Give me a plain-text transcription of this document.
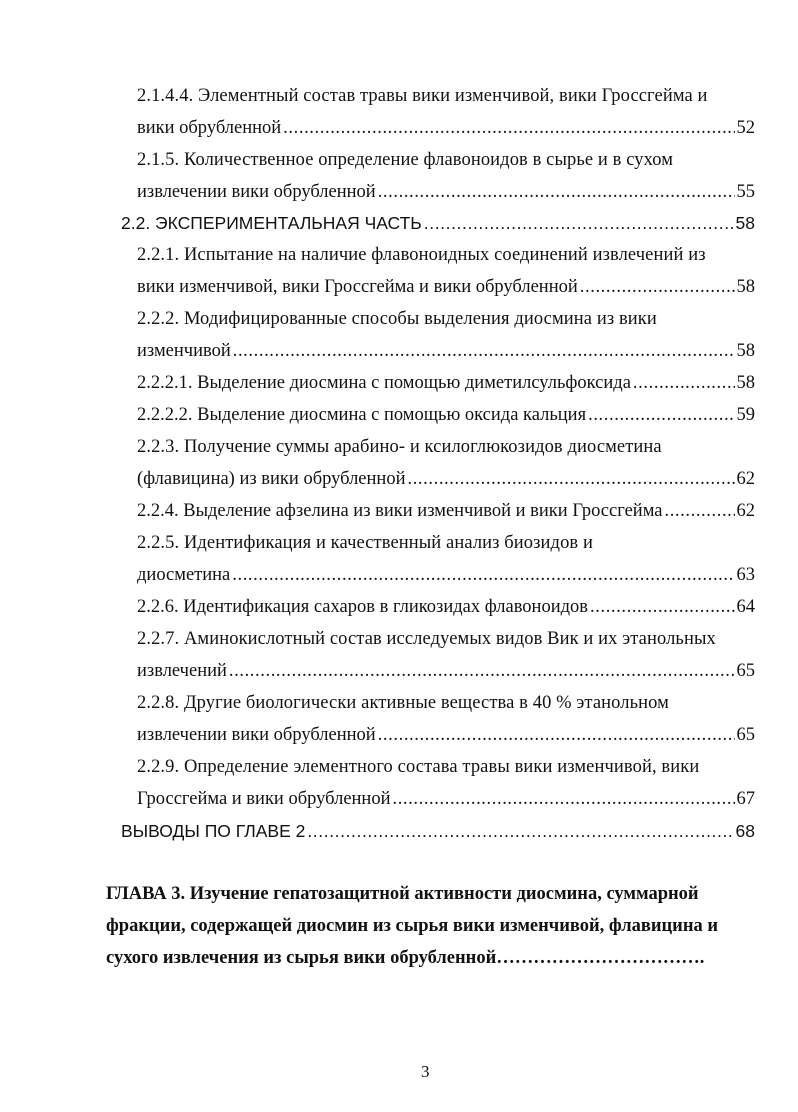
2.1.4.4. Элементный состав травы вики изменчивой, вики Гроссгейма и
вики обрубленной .....	52
2.1.5. Количественное определение флавоноидов в сырье и в сухом
извлечении вики обрубленной .....	55
2.2. ЭКСПЕРИМЕНТАЛЬНАЯ ЧАСТЬ .....	58
2.2.1. Испытание на наличие флавоноидных соединений извлечений из
вики изменчивой, вики Гроссгейма и вики обрубленной .....	58
2.2.2. Модифицированные способы выделения диосмина из вики
изменчивой .....	58
2.2.2.1. Выделение диосмина с помощью диметилсульфоксида .....	58
2.2.2.2. Выделение диосмина с помощью оксида кальция .....	59
2.2.3. Получение суммы арабино- и ксилоглюкозидов диосметина
(флавицина) из вики обрубленной .....	62
2.2.4. Выделение афзелина из вики изменчивой и вики Гроссгейма .....	62
2.2.5. Идентификация и качественный анализ биозидов и
диосметина .....	63
2.2.6. Идентификация сахаров в гликозидах флавоноидов .....	64
2.2.7. Аминокислотный состав исследуемых видов Вик и их этанольных
извлечений .....	65
2.2.8. Другие биологически активные вещества в 40 % этанольном
извлечении вики обрубленной .....	65
2.2.9. Определение элементного состава травы вики изменчивой, вики
Гроссгейма и вики обрубленной .....	67
ВЫВОДЫ ПО ГЛАВЕ 2 .....	68
ГЛАВА 3. Изучение гепатозащитной активности диосмина, суммарной
фракции, содержащей диосмин из сырья вики изменчивой, флавицина и
сухого извлечения из сырья вики обрубленной…………………………….
3
